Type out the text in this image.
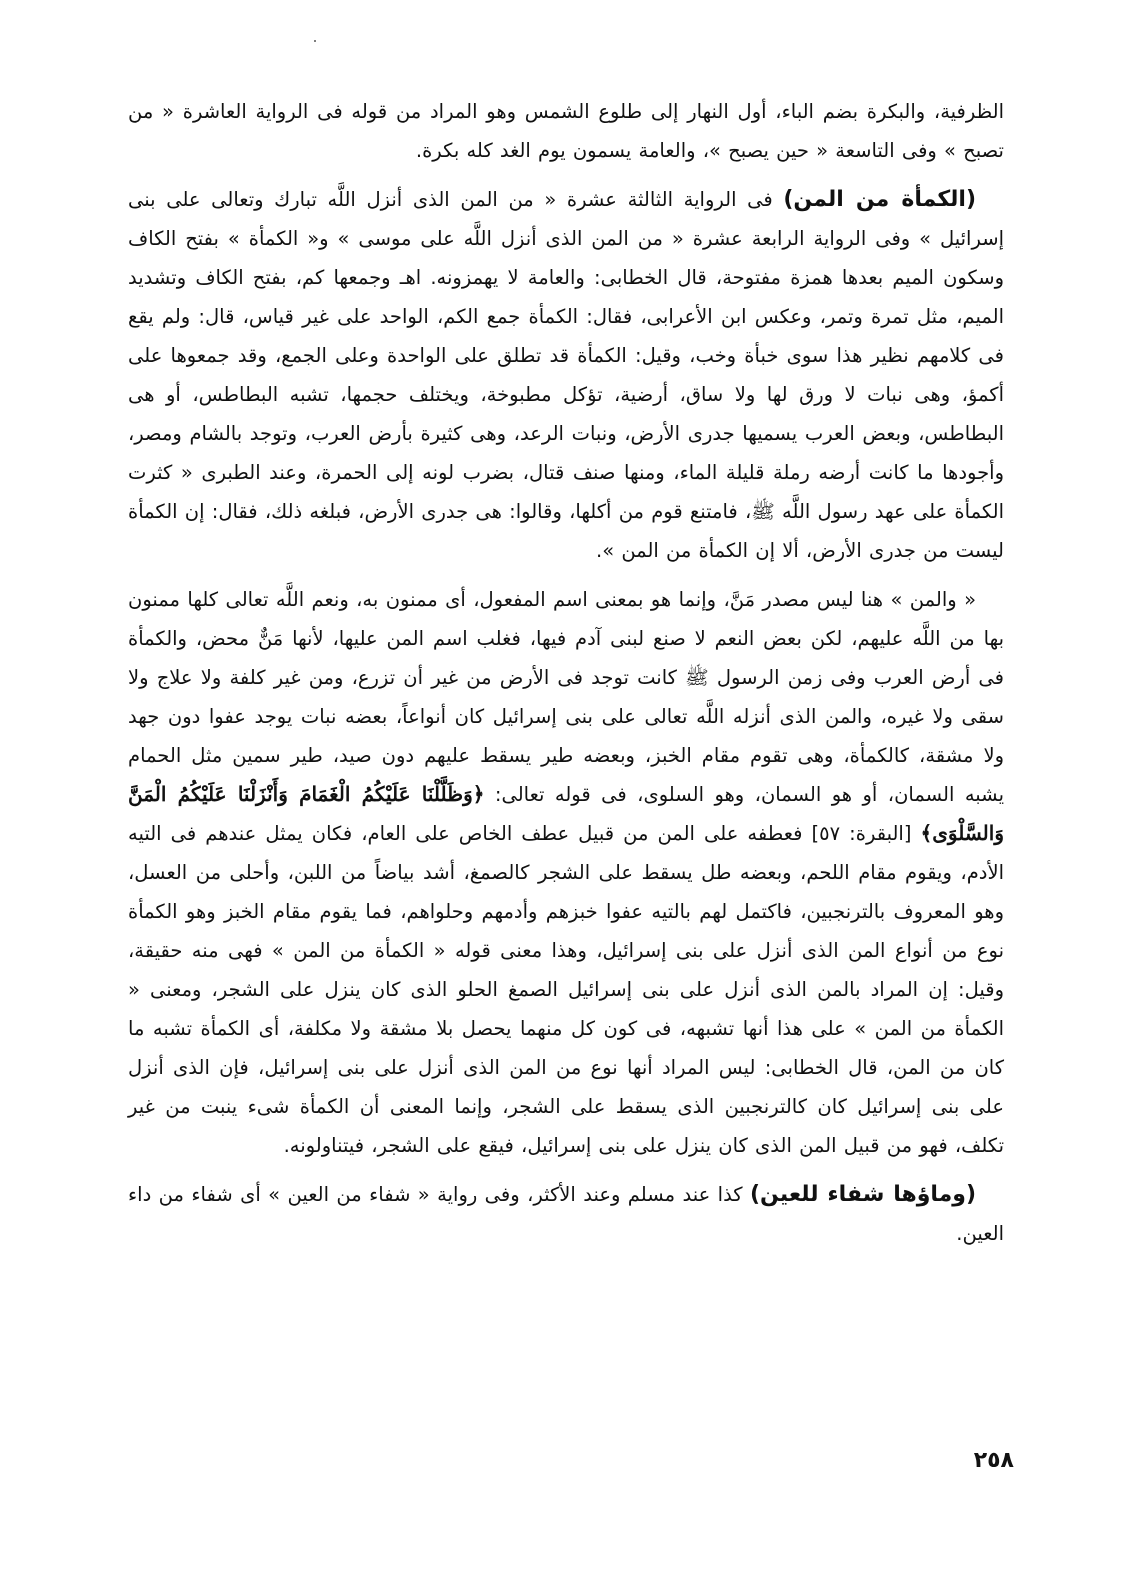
الظرفية، والبكرة بضم الباء، أول النهار إلى طلوع الشمس وهو المراد من قوله فى الرواية العاشرة « من تصبح » وفى التاسعة « حين يصبح »، والعامة يسمون يوم الغد كله بكرة.

(الكمأة من المن) فى الرواية الثالثة عشرة « من المن الذى أنزل اللَّه تبارك وتعالى على بنى إسرائيل » وفى الرواية الرابعة عشرة « من المن الذى أنزل اللَّه على موسى » و« الكمأة » بفتح الكاف وسكون الميم بعدها همزة مفتوحة، قال الخطابى: والعامة لا يهمزونه. اهـ وجمعها كم، بفتح الكاف وتشديد الميم، مثل تمرة وتمر، وعكس ابن الأعرابى، فقال: الكمأة جمع الكم، الواحد على غير قياس، قال: ولم يقع فى كلامهم نظير هذا سوى خبأة وخب، وقيل: الكمأة قد تطلق على الواحدة وعلى الجمع، وقد جمعوها على أكمؤ، وهى نبات لا ورق لها ولا ساق، أرضية، تؤكل مطبوخة، ويختلف حجمها، تشبه البطاطس، أو هى البطاطس، وبعض العرب يسميها جدرى الأرض، ونبات الرعد، وهى كثيرة بأرض العرب، وتوجد بالشام ومصر، وأجودها ما كانت أرضه رملة قليلة الماء، ومنها صنف قتال، بضرب لونه إلى الحمرة، وعند الطبرى « كثرت الكمأة على عهد رسول اللَّه ﷺ، فامتنع قوم من أكلها، وقالوا: هى جدرى الأرض، فبلغه ذلك، فقال: إن الكمأة ليست من جدرى الأرض، ألا إن الكمأة من المن ».

« والمن » هنا ليس مصدر مَنَّ، وإنما هو بمعنى اسم المفعول، أى ممنون به، ونعم اللَّه تعالى كلها ممنون بها من اللَّه عليهم، لكن بعض النعم لا صنع لبنى آدم فيها، فغلب اسم المن عليها، لأنها مَنٌّ محض، والكمأة فى أرض العرب وفى زمن الرسول ﷺ كانت توجد فى الأرض من غير أن تزرع، ومن غير كلفة ولا علاج ولا سقى ولا غيره، والمن الذى أنزله اللَّه تعالى على بنى إسرائيل كان أنواعاً، بعضه نبات يوجد عفوا دون جهد ولا مشقة، كالكمأة، وهى تقوم مقام الخبز، وبعضه طير يسقط عليهم دون صيد، طير سمين مثل الحمام يشبه السمان، أو هو السمان، وهو السلوى، فى قوله تعالى: ﴿وَظَلَّلْنَا عَلَيْكُمُ الْغَمَامَ وَأَنْزَلْنَا عَلَيْكُمُ الْمَنَّ وَالسَّلْوَى﴾ [البقرة: ٥٧] فعطفه على المن من قبيل عطف الخاص على العام، فكان يمثل عندهم فى التيه الأدم، ويقوم مقام اللحم، وبعضه طل يسقط على الشجر كالصمغ، أشد بياضاً من اللبن، وأحلى من العسل، وهو المعروف بالترنجبين، فاكتمل لهم بالتيه عفوا خبزهم وأدمهم وحلواهم، فما يقوم مقام الخبز وهو الكمأة نوع من أنواع المن الذى أنزل على بنى إسرائيل، وهذا معنى قوله « الكمأة من المن » فهى منه حقيقة، وقيل: إن المراد بالمن الذى أنزل على بنى إسرائيل الصمغ الحلو الذى كان ينزل على الشجر، ومعنى « الكمأة من المن » على هذا أنها تشبهه، فى كون كل منهما يحصل بلا مشقة ولا مكلفة، أى الكمأة تشبه ما كان من المن، قال الخطابى: ليس المراد أنها نوع من المن الذى أنزل على بنى إسرائيل، فإن الذى أنزل على بنى إسرائيل كان كالترنجبين الذى يسقط على الشجر، وإنما المعنى أن الكمأة شىء ينبت من غير تكلف، فهو من قبيل المن الذى كان ينزل على بنى إسرائيل، فيقع على الشجر، فيتناولونه.

(وماؤها شفاء للعين) كذا عند مسلم وعند الأكثر، وفى رواية « شفاء من العين » أى شفاء من داء العين.

٢٥٨
